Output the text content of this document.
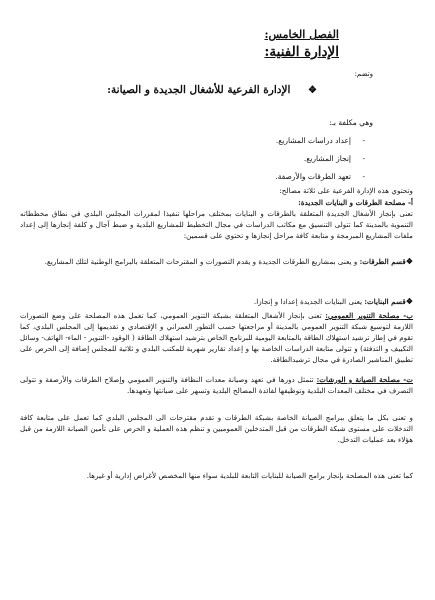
الفصل الخامس:
الإدارة الفنية:
وتضم:
❖ الإدارة الفرعية للأشغال الجديدة و الصيانة:
وهي مكلفة بـ:
-إعداد دراسات المشاريع.
-إنجاز المشاريع.
-تعهد الطرقات والأرصفة.
وتحتوي هذه الإدارة الفرعية على ثلاثة مصالح:
أ- مصلحة الطرقات و البنايات الجديدة:
تعنى بإنجاز الأشغال الجديدة المتعلقة بالطرقات و البنايات بمختلف مراحلها تنفيذا لمقررات المجلس البلدي في نطاق مخططاته التنموية بالمدينة كما تتولى التنسيق مع مكاتب الدراسات في مجال التخطيط للمشاريع البلدية و ضبط آجال و كلفة إنجازها إلى إعداد ملفات المشاريع المبرمجة و متابعة كافة مراحل إنجازها و تحتوي على قسمين:
❖قسم الطرقات: و يعنى بمشاريع الطرقات الجديدة و يقدم التصورات و المقترحات المتعلقة بالبرامج الوطنية لتلك المشاريع.
❖قسم البنايات: يعنى البنايات الجديدة إعدادا و إنجازا.
ب- مصلحة التنوير العمومي: تعنى بإنجاز الأشغال المتعلقة بشبكة التنوير العمومي، كما تعمل هذه المصلحة على وضع التصورات اللازمة لتوسيع شبكة التنوير العمومي بالمدينة أو مراجعتها حسب التطور العمراني و الإقتصادي و تقديمها إلى المجلس البلدي، كما تقوم في إطار ترشيد استهلاك الطاقة بالمتابعة اليومية للبرنامج الخاص بترشيد استهلاك الطاقة ( الوقود -التنوير - الماء- الهاتف- وسائل التكييف و التدفئة) و تتولى متابعة الدراسات الخاصة بها و إعداد تقارير شهرية للمكتب البلدي و ثلاثية للمجلس إضافة إلى الحرص على تطبيق المناشير الصادرة في مجال ترشيدالطاقة.
ت- مصلحة الصيانة و الورشات: تتمثل دورها في تعهد وصيانة معدات النظافة والتنوير العمومي وإصلاح الطرقات والأرصفة و تتولى التصرف في مختلف المعدات البلدية وتوظيفها لفائدة المصالح البلدية وتسهر على صيانتها وتعهدها.
و تعنى بكل ما يتعلق ببرامج الصيانة الخاصة بشبكة الطرقات و تقدم مقترحات الى المجلس البلدي كما تعمل على متابعة كافة التدخلات على مستوى شبكة الطرقات من قبل المتدخلين العموميين و تنظم هذه العملية و الحرص على تأمين الصيانة اللازمة من قبل هؤلاء بعد عمليات التدخل.
كما تعنى هذه المصلحة بإنجاز برامج الصيانة للبنايات التابعة للبلدية سواء منها المخصص لأغراض إدارية أو غيرها.
